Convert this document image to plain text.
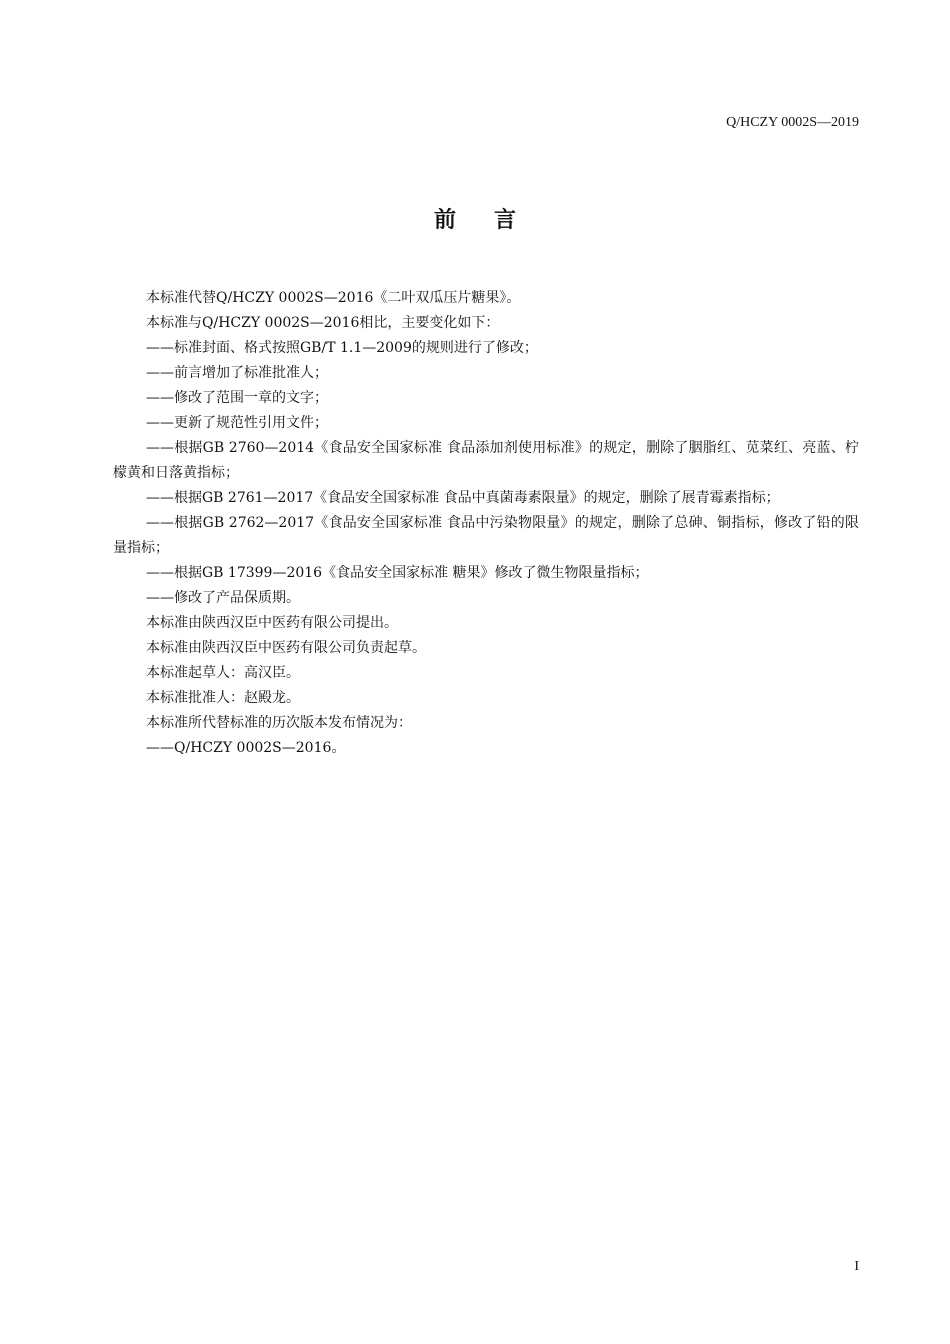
Q/HCZY 0002S—2019
前言

本标准代替Q/HCZY 0002S—2016《二叶双瓜压片糖果》。

本标准与Q/HCZY 0002S—2016相比，主要变化如下：

——标准封面、格式按照GB/T 1.1—2009的规则进行了修改；

——前言增加了标准批准人；

——修改了范围一章的文字；

——更新了规范性引用文件；

——根据GB 2760—2014《食品安全国家标准 食品添加剂使用标准》的规定，删除了胭脂红、苋菜红、亮蓝、柠檬黄和日落黄指标；

——根据GB 2761—2017《食品安全国家标准 食品中真菌毒素限量》的规定，删除了展青霉素指标；

——根据GB 2762—2017《食品安全国家标准 食品中污染物限量》的规定，删除了总砷、铜指标，修改了铅的限量指标；

——根据GB 17399—2016《食品安全国家标准 糖果》修改了微生物限量指标；

——修改了产品保质期。

本标准由陕西汉臣中医药有限公司提出。

本标准由陕西汉臣中医药有限公司负责起草。

本标准起草人：高汉臣。

本标准批准人：赵殿龙。

本标准所代替标准的历次版本发布情况为：

——Q/HCZY 0002S—2016。

I
